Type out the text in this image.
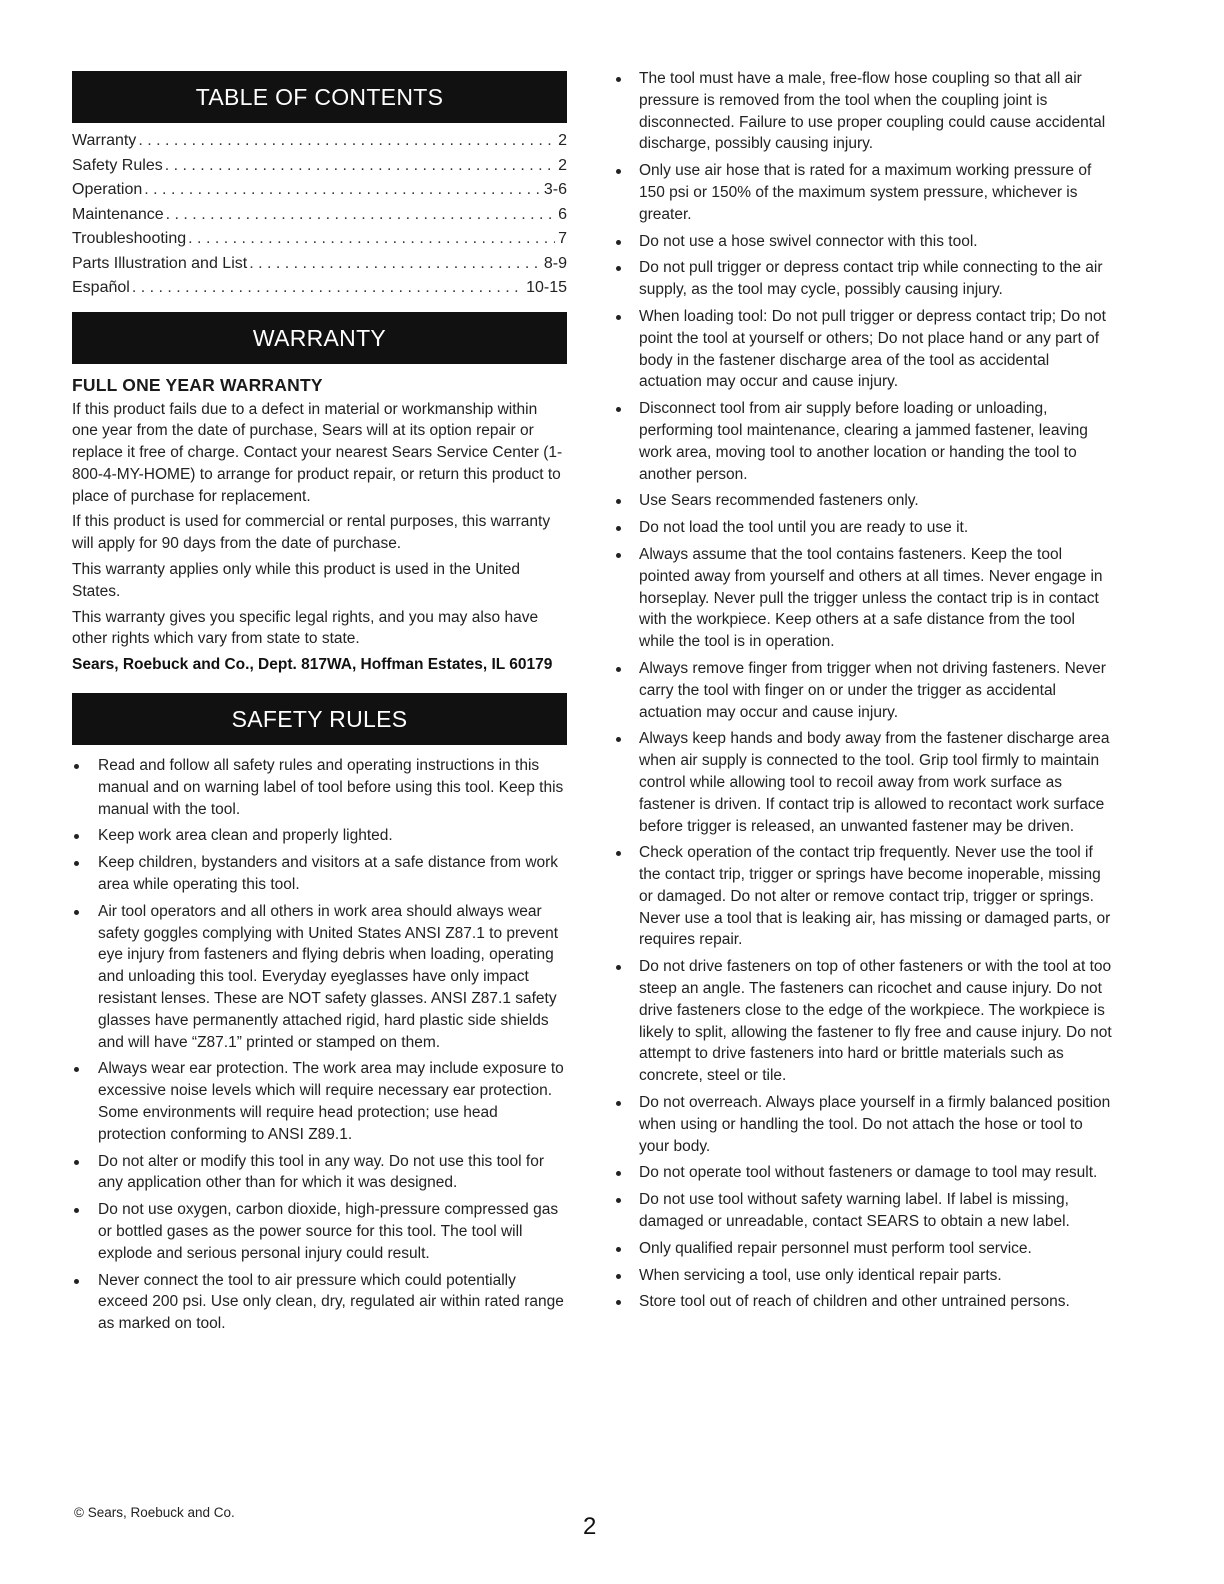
TABLE OF CONTENTS
Warranty . . .	2
Safety Rules . . .	2
Operation . . .	3-6
Maintenance . . .	6
Troubleshooting . . .	7
Parts Illustration and List . . .	8-9
Español . . .	10-15
WARRANTY
FULL ONE YEAR WARRANTY

If this product fails due to a defect in material or workmanship within one year from the date of purchase, Sears will at its option repair or replace it free of charge. Contact your nearest Sears Service Center (1-800-4-MY-HOME) to arrange for product repair, or return this product to place of purchase for replacement.

If this product is used for commercial or rental purposes, this warranty will apply for 90 days from the date of purchase.

This warranty applies only while this product is used in the United States.

This warranty gives you specific legal rights, and you may also have other rights which vary from state to state.

Sears, Roebuck and Co., Dept. 817WA, Hoffman Estates, IL 60179

SAFETY RULES
Read and follow all safety rules and operating instructions in this manual and on warning label of tool before using this tool. Keep this manual with the tool.
Keep work area clean and properly lighted.
Keep children, bystanders and visitors at a safe distance from work area while operating this tool.
Air tool operators and all others in work area should always wear safety goggles complying with United States ANSI Z87.1 to prevent eye injury from fasteners and flying debris when loading, operating and unloading this tool. Everyday eyeglasses have only impact resistant lenses. These are NOT safety glasses. ANSI Z87.1 safety glasses have permanently attached rigid, hard plastic side shields and will have “Z87.1” printed or stamped on them.
Always wear ear protection. The work area may include exposure to excessive noise levels which will require necessary ear protection. Some environments will require head protection; use head protection conforming to ANSI Z89.1.
Do not alter or modify this tool in any way. Do not use this tool for any application other than for which it was designed.
Do not use oxygen, carbon dioxide, high-pressure compressed gas or bottled gases as the power source for this tool. The tool will explode and serious personal injury could result.
Never connect the tool to air pressure which could potentially exceed 200 psi. Use only clean, dry, regulated air within rated range as marked on tool.
The tool must have a male, free-flow hose coupling so that all air pressure is removed from the tool when the coupling joint is disconnected. Failure to use proper coupling could cause accidental discharge, possibly causing injury.
Only use air hose that is rated for a maximum working pressure of 150 psi or 150% of the maximum system pressure, whichever is greater.
Do not use a hose swivel connector with this tool.
Do not pull trigger or depress contact trip while connecting to the air supply, as the tool may cycle, possibly causing injury.
When loading tool: Do not pull trigger or depress contact trip; Do not point the tool at yourself or others; Do not place hand or any part of body in the fastener discharge area of the tool as accidental actuation may occur and cause injury.
Disconnect tool from air supply before loading or unloading, performing tool maintenance, clearing a jammed fastener, leaving work area, moving tool to another location or handing the tool to another person.
Use Sears recommended fasteners only.
Do not load the tool until you are ready to use it.
Always assume that the tool contains fasteners. Keep the tool pointed away from yourself and others at all times. Never engage in horseplay. Never pull the trigger unless the contact trip is in contact with the workpiece. Keep others at a safe distance from the tool while the tool is in operation.
Always remove finger from trigger when not driving fasteners. Never carry the tool with finger on or under the trigger as accidental actuation may occur and cause injury.
Always keep hands and body away from the fastener discharge area when air supply is connected to the tool. Grip tool firmly to maintain control while allowing tool to recoil away from work surface as fastener is driven. If contact trip is allowed to recontact work surface before trigger is released, an unwanted fastener may be driven.
Check operation of the contact trip frequently. Never use the tool if the contact trip, trigger or springs have become inoperable, missing or damaged. Do not alter or remove contact trip, trigger or springs. Never use a tool that is leaking air, has missing or damaged parts, or requires repair.
Do not drive fasteners on top of other fasteners or with the tool at too steep an angle. The fasteners can ricochet and cause injury. Do not drive fasteners close to the edge of the workpiece. The workpiece is likely to split, allowing the fastener to fly free and cause injury. Do not attempt to drive fasteners into hard or brittle materials such as concrete, steel or tile.
Do not overreach. Always place yourself in a firmly balanced position when using or handling the tool. Do not attach the hose or tool to your body.
Do not operate tool without fasteners or damage to tool may result.
Do not use tool without safety warning label. If label is missing, damaged or unreadable, contact SEARS to obtain a new label.
Only qualified repair personnel must perform tool service.
When servicing a tool, use only identical repair parts.
Store tool out of reach of children and other untrained persons.
© Sears, Roebuck and Co.
2
